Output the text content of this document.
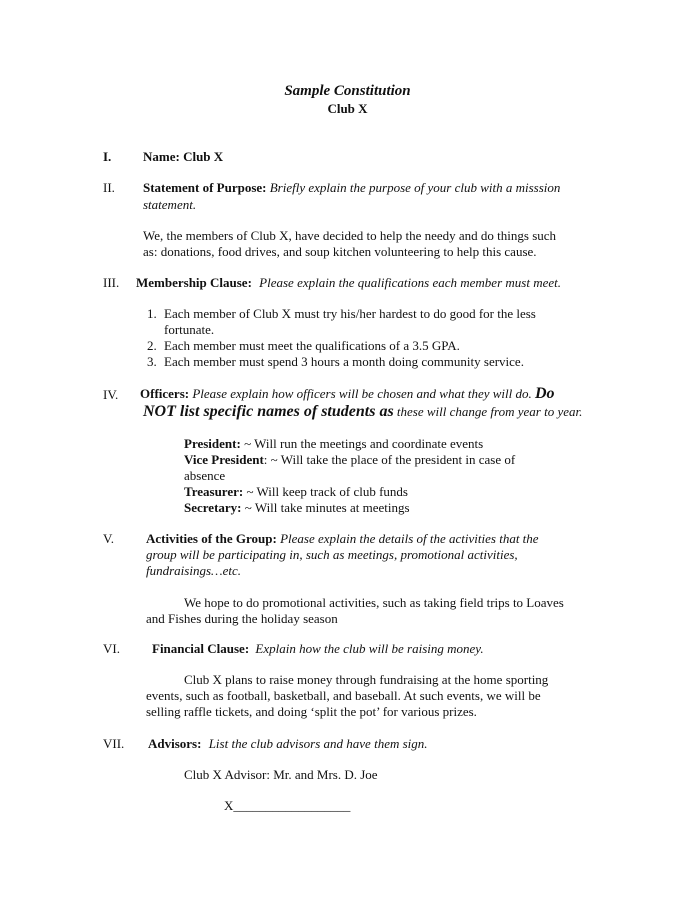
Sample Constitution
Club X
I. Name: Club X
II. Statement of Purpose: Briefly explain the purpose of your club with a misssion
statement.
We, the members of Club X, have decided to help the needy and do things such
as: donations, food drives, and soup kitchen volunteering to help this cause.
III. Membership Clause: Please explain the qualifications each member must meet.
1. Each member of Club X must try his/her hardest to do good for the less
fortunate.
2. Each member must meet the qualifications of a 3.5 GPA.
3. Each member must spend 3 hours a month doing community service.
IV. Officers: Please explain how officers will be chosen and what they will do. Do
NOT list specific names of students as these will change from year to year.
President: ~ Will run the meetings and coordinate events
Vice President: ~ Will take the place of the president in case of
absence
Treasurer: ~ Will keep track of club funds
Secretary: ~ Will take minutes at meetings
V. Activities of the Group: Please explain the details of the activities that the
group will be participating in, such as meetings, promotional activities,
fundraisings…etc.
We hope to do promotional activities, such as taking field trips to Loaves
and Fishes during the holiday season
VI. Financial Clause: Explain how the club will be raising money.
Club X plans to raise money through fundraising at the home sporting
events, such as football, basketball, and baseball. At such events, we will be
selling raffle tickets, and doing ‘split the pot’ for various prizes.
VII. Advisors: List the club advisors and have them sign.
Club X Advisor: Mr. and Mrs. D. Joe
X__________________
